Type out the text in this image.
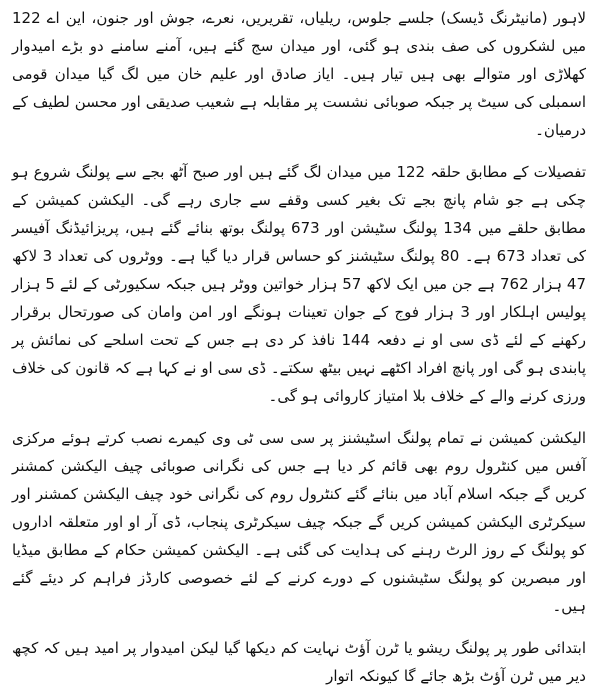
لاہور (مانیٹرنگ ڈیسک) جلسے جلوس، ریلیاں، تقریریں، نعرے، جوش اور جنون، این اے 122 میں لشکروں کی صف بندی ہو گئی، اور میدان سج گئے ہیں، آمنے سامنے دو بڑے امیدوار کھلاڑی اور متوالے بھی ہیں تیار ہیں۔ ایاز صادق اور علیم خان میں لگ گیا میدان قومی اسمبلی کی سیٹ پر جبکہ صوبائی نشست پر مقابلہ ہے شعیب صدیقی اور محسن لطیف کے درمیان۔

تفصیلات کے مطابق حلقہ 122 میں میدان لگ گئے ہیں اور صبح آٹھ بجے سے پولنگ شروع ہو چکی ہے جو شام پانچ بجے تک بغیر کسی وقفے سے جاری رہے گی۔ الیکشن کمیشن کے مطابق حلقے میں 134 پولنگ سٹیشن اور 673 پولنگ بوتھ بنائے گئے ہیں، پریزائیڈنگ آفیسر کی تعداد 673 ہے۔ 80 پولنگ سٹیشنز کو حساس قرار دیا گیا ہے۔ ووٹروں کی تعداد 3 لاکھ 47 ہزار 762 ہے جن میں ایک لاکھ 57 ہزار خواتین ووٹر ہیں جبکہ سکیورٹی کے لئے 5 ہزار پولیس اہلکار اور 3 ہزار فوج کے جوان تعینات ہونگے اور امن وامان کی صورتحال برقرار رکھنے کے لئے ڈی سی او نے دفعہ 144 نافذ کر دی ہے جس کے تحت اسلحے کی نمائش پر پابندی ہو گی اور پانچ افراد اکٹھے نہیں بیٹھ سکتے۔ ڈی سی او نے کہا ہے کہ قانون کی خلاف ورزی کرنے والے کے خلاف بلا امتیاز کاروائی ہو گی۔

الیکشن کمیشن نے تمام پولنگ اسٹیشنز پر سی سی ٹی وی کیمرے نصب کرتے ہوئے مرکزی آفس میں کنٹرول روم بھی قائم کر دیا ہے جس کی نگرانی صوبائی چیف الیکشن کمشنر کریں گے جبکہ اسلام آباد میں بنائے گئے کنٹرول روم کی نگرانی خود چیف الیکشن کمشنر اور سیکرٹری الیکشن کمیشن کریں گے جبکہ چیف سیکرٹری پنجاب، ڈی آر او اور متعلقہ اداروں کو پولنگ کے روز الرٹ رہنے کی ہدایت کی گئی ہے۔ الیکشن کمیشن حکام کے مطابق میڈیا اور مبصرین کو پولنگ سٹیشنوں کے دورے کرنے کے لئے خصوصی کارڈز فراہم کر دیئے گئے ہیں۔

ابتدائی طور پر پولنگ ریشو یا ٹرن آؤٹ نہایت کم دیکھا گیا لیکن امیدوار پر امید ہیں کہ کچھ دیر میں ٹرن آؤٹ بڑھ جائے گا کیونکہ اتوار
